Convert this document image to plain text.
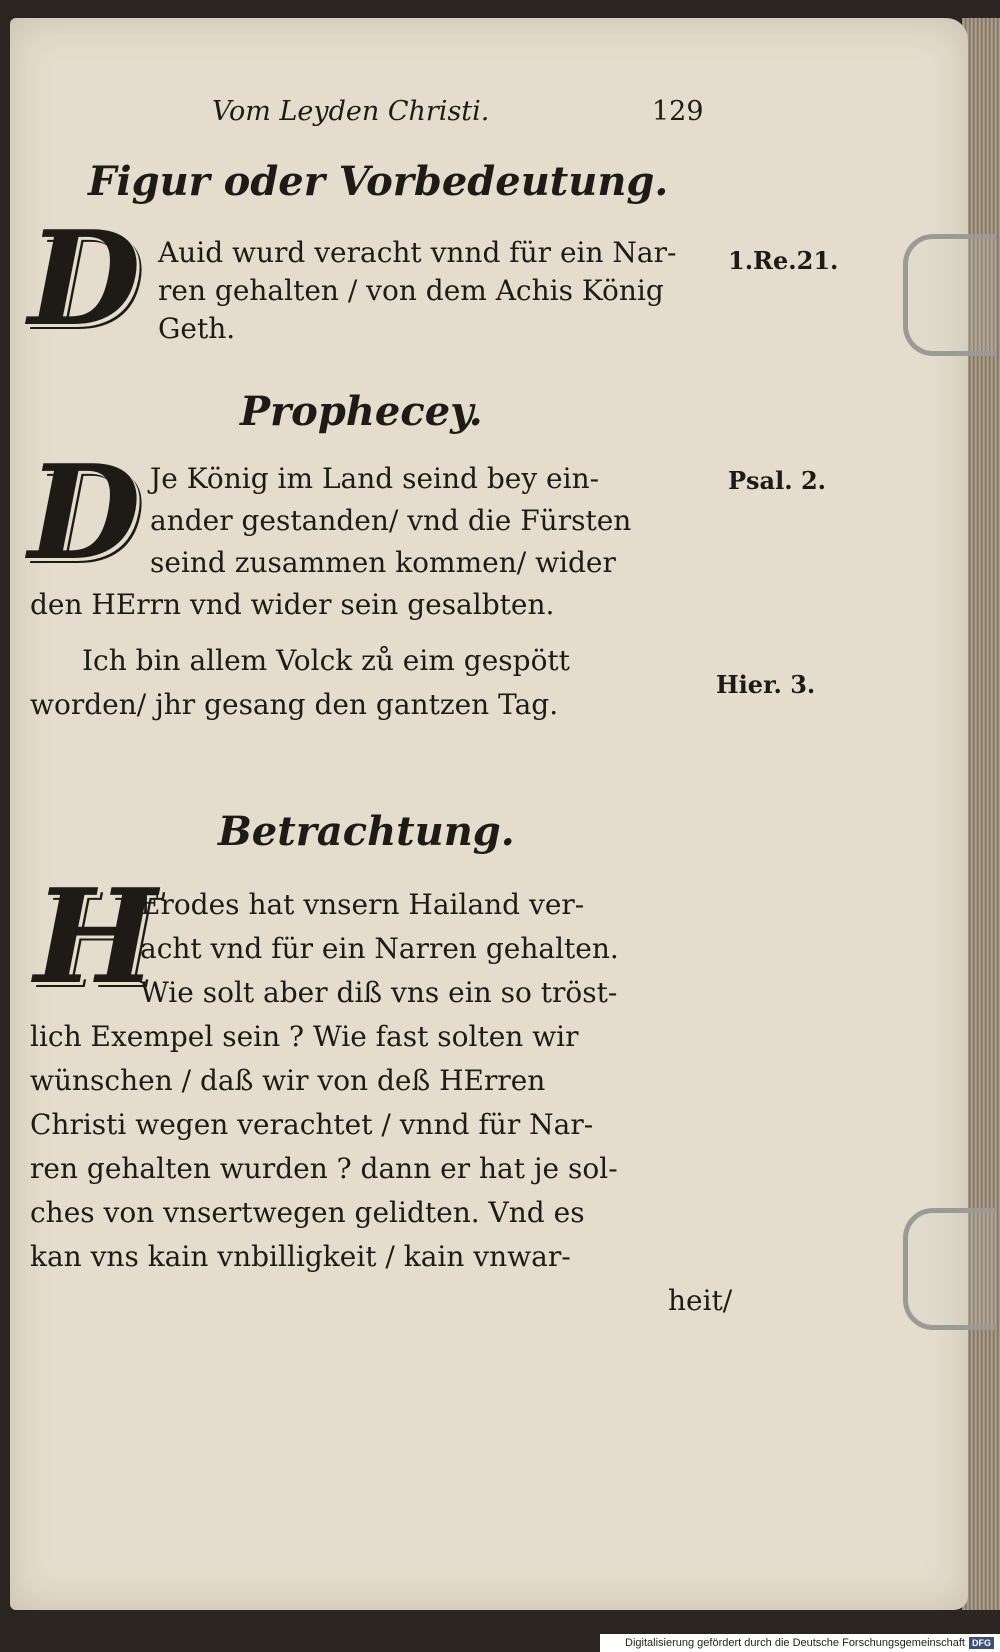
Vom Leyden Christi.	129
Figur oder Vorbedeutung.
D Auid wurd veracht vnnd für ein Nar-
ren gehalten / von dem Achis König
Geth.
1.Re.21.
Prophecey.
D Je König im Land seind bey ein-
ander gestanden/ vnd die Fürsten
seind zusammen kommen/ wider
den HErrn vnd wider sein gesalbten.
Ich bin allem Volck zů eim gespött
worden/ jhr gesang den gantzen Tag.
Psal. 2.
Hier. 3.
Betrachtung.
H
Erodes hat vnsern Hailand ver-
acht vnd für ein Narren gehalten.
Wie solt aber diß vns ein so tröst-
lich Exempel sein ? Wie fast solten wir
wünschen / daß wir von deß HErren
Christi wegen verachtet / vnnd für Nar-
ren gehalten wurden ? dann er hat je sol-
ches von vnsertwegen gelidten. Vnd es
kan vns kain vnbilligkeit / kain vnwar-
heit/
Digitalisierung gefördert durch die Deutsche Forschungsgemeinschaft DFG
